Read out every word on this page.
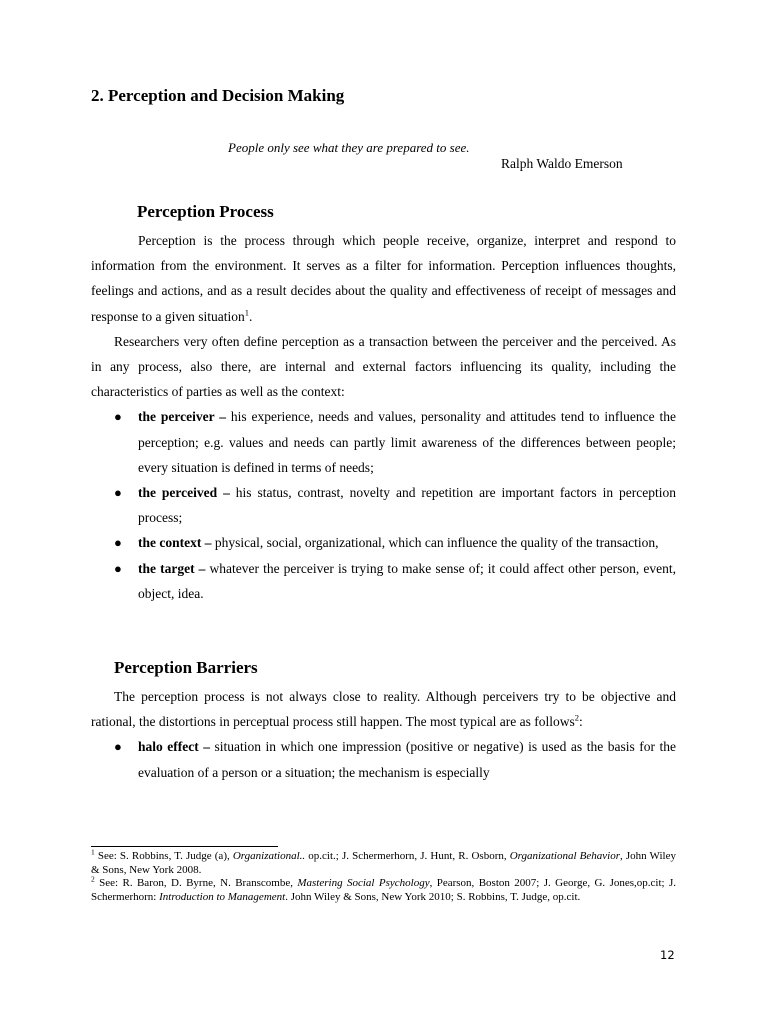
2. Perception and Decision Making
People only see what they are prepared to see.
Ralph Waldo Emerson
Perception Process

Perception is the process through which people receive, organize, interpret and respond to information from the environment. It serves as a filter for information. Perception influences thoughts, feelings and actions, and as a result decides about the quality and effectiveness of receipt of messages and response to a given situation$^1$.

Researchers very often define perception as a transaction between the perceiver and the perceived. As in any process, also there, are internal and external factors influencing its quality, including the characteristics of parties as well as the context:

● the perceiver – his experience, needs and values, personality and attitudes tend to influence the perception; e.g. values and needs can partly limit awareness of the differences between people; every situation is defined in terms of needs;
● the perceived – his status, contrast, novelty and repetition are important factors in perception process;
● the context – physical, social, organizational, which can influence the quality of the transaction,
● the target – whatever the perceiver is trying to make sense of; it could affect other person, event, object, idea.
Perception Barriers

The perception process is not always close to reality. Although perceivers try to be objective and rational, the distortions in perceptual process still happen. The most typical are as follows$^2$:

● halo effect – situation in which one impression (positive or negative) is used as the basis for the evaluation of a person or a situation; the mechanism is especially

$^1$ See: S. Robbins, T. Judge (a), Organizational.. op.cit.; J. Schermerhorn, J. Hunt, R. Osborn, Organizational Behavior, John Wiley & Sons, New York 2008.

$^2$ See: R. Baron, D. Byrne, N. Branscombe, Mastering Social Psychology, Pearson, Boston 2007; J. George, G. Jones,op.cit; J. Schermerhorn: Introduction to Management. John Wiley & Sons, New York 2010; S. Robbins, T. Judge, op.cit.

12
